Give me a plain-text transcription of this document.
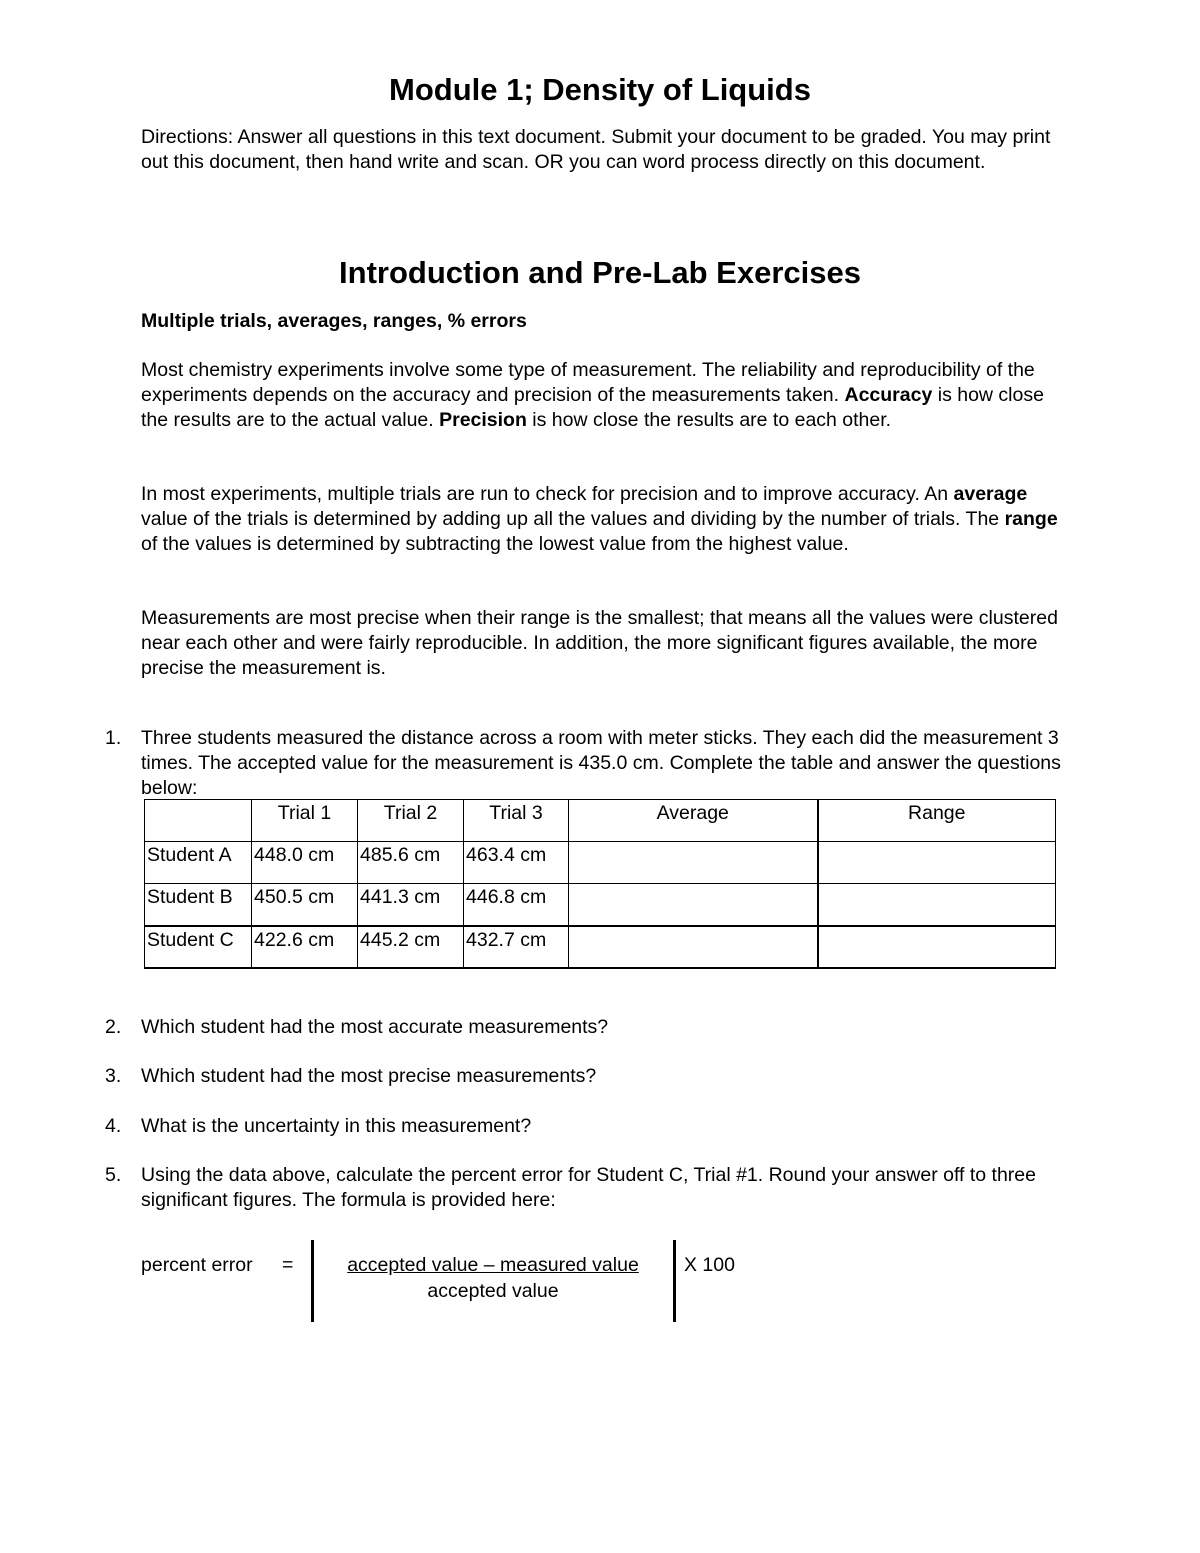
Module 1; Density of Liquids

Directions: Answer all questions in this text document. Submit your document to be graded. You may print out this document, then hand write and scan. OR you can word process directly on this document.

Introduction and Pre-Lab Exercises

Multiple trials, averages, ranges, % errors

Most chemistry experiments involve some type of measurement. The reliability and reproducibility of the experiments depends on the accuracy and precision of the measurements taken. Accuracy is how close the results are to the actual value. Precision is how close the results are to each other.

In most experiments, multiple trials are run to check for precision and to improve accuracy. An average value of the trials is determined by adding up all the values and dividing by the number of trials. The range of the values is determined by subtracting the lowest value from the highest value.

Measurements are most precise when their range is the smallest; that means all the values were clustered near each other and were fairly reproducible. In addition, the more significant figures available, the more precise the measurement is.

1.	Three students measured the distance across a room with meter sticks. They each did the measurement 3 times. The accepted value for the measurement is 435.0 cm. Complete the table and answer the questions below:
	Trial 1	Trial 2	Trial 3	Average	Range
Student A	448.0 cm	485.6 cm	463.4 cm		
Student B	450.5 cm	441.3 cm	446.8 cm		
Student C	422.6 cm	445.2 cm	432.7 cm		
2.	Which student had the most accurate measurements?
3.	Which student had the most precise measurements?
4.	What is the uncertainty in this measurement?
5.	Using the data above, calculate the percent error for Student C, Trial #1. Round your answer off to three significant figures. The formula is provided here:
percent error =	accepted value – measured value
accepted value
X 100
